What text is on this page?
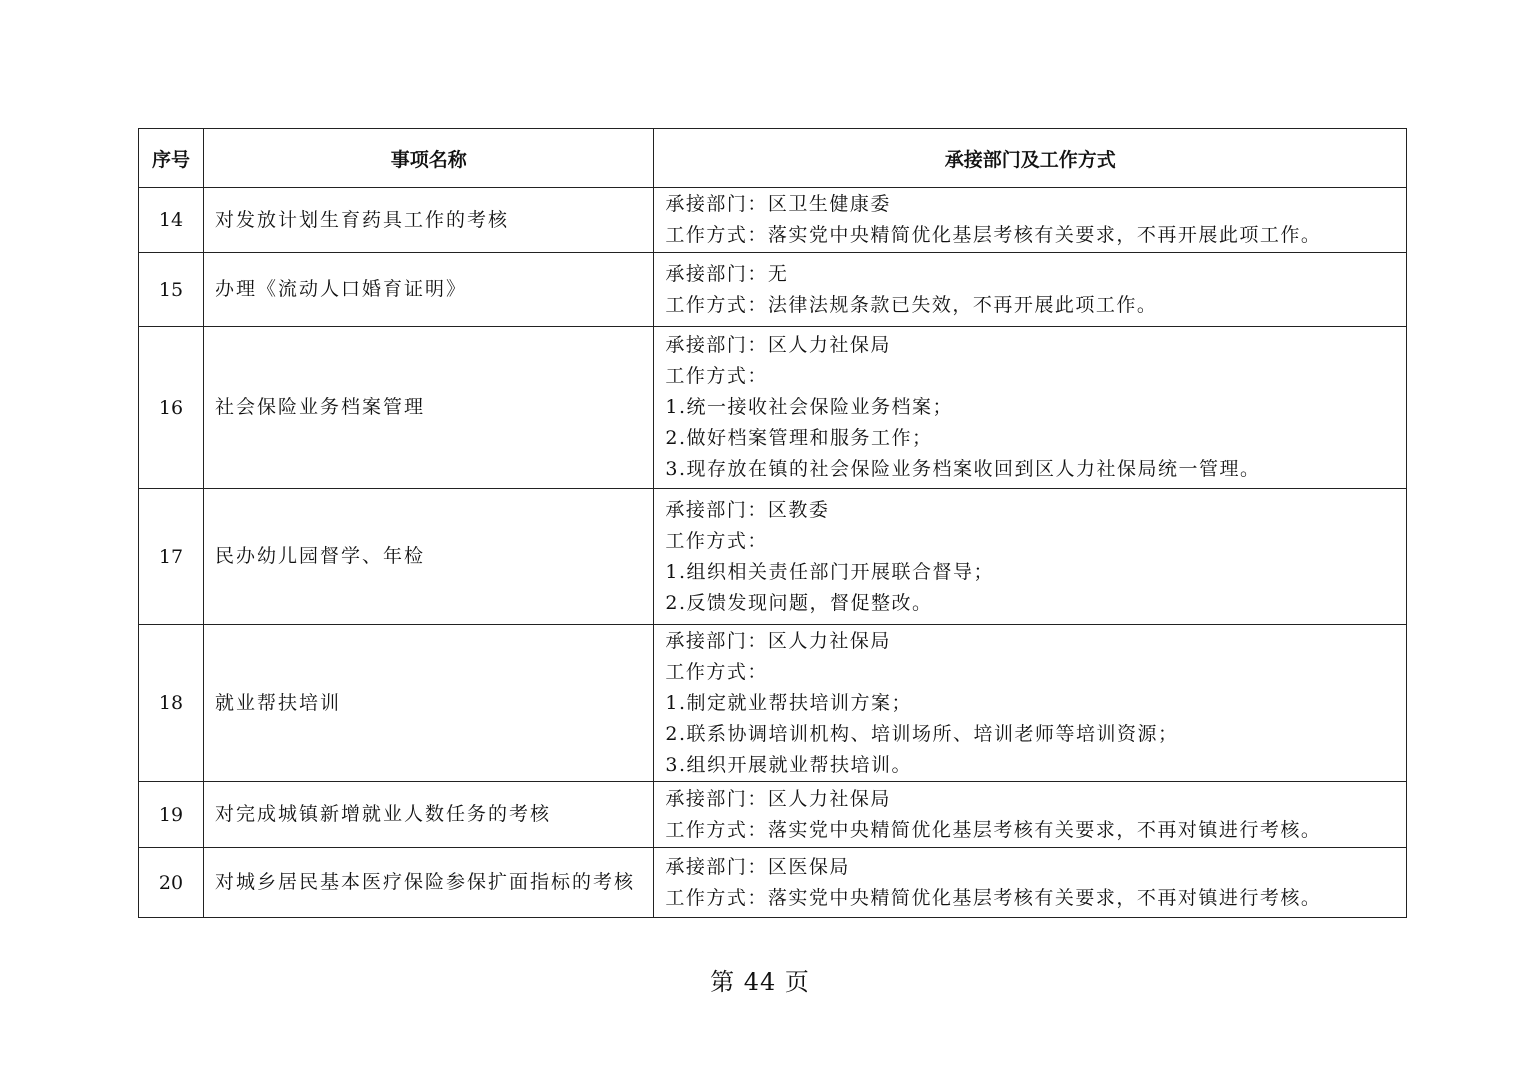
序号	事项名称	承接部门及工作方式
14	对发放计划生育药具工作的考核	承接部门：区卫生健康委
工作方式：落实党中央精简优化基层考核有关要求，不再开展此项工作。

15	办理《流动人口婚育证明》	承接部门：无
工作方式：法律法规条款已失效，不再开展此项工作。

16	社会保险业务档案管理	承接部门：区人力社保局
工作方式：
1.统一接收社会保险业务档案；
2.做好档案管理和服务工作；
3.现存放在镇的社会保险业务档案收回到区人力社保局统一管理。

17	民办幼儿园督学、年检	承接部门：区教委
工作方式：
1.组织相关责任部门开展联合督导；
2.反馈发现问题，督促整改。

18	就业帮扶培训	承接部门：区人力社保局
工作方式：
1.制定就业帮扶培训方案；
2.联系协调培训机构、培训场所、培训老师等培训资源；
3.组织开展就业帮扶培训。

19	对完成城镇新增就业人数任务的考核	承接部门：区人力社保局
工作方式：落实党中央精简优化基层考核有关要求，不再对镇进行考核。

20	对城乡居民基本医疗保险参保扩面指标的考核	承接部门：区医保局
工作方式：落实党中央精简优化基层考核有关要求，不再对镇进行考核。
第 44 页
